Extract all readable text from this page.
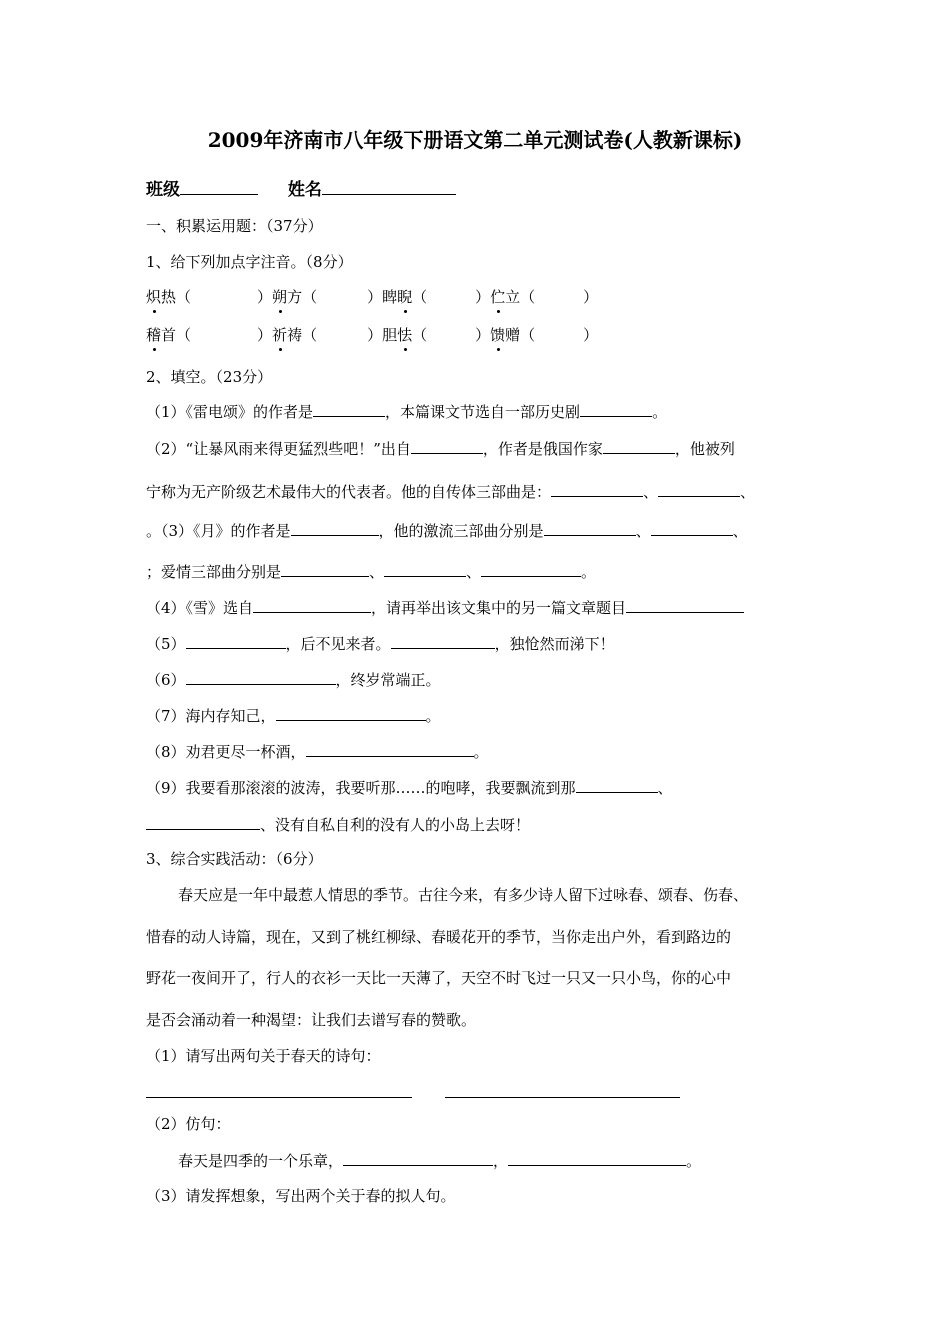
2009年济南市八年级下册语文第二单元测试卷(人教新课标)
班级	姓名
一、积累运用题：（37分）
1、给下列加点字注音。（8分）
炽热（	）朔方（	）睥睨（	）伫立（	）
稽首（	）祈祷（	）胆怯（	）馈赠（	）
2、填空。（23分）
（1）《雷电颂》的作者是	，本篇课文节选自一部历史剧	。
（2）“让暴风雨来得更猛烈些吧！”出自	，作者是俄国作家	，他被列
宁称为无产阶级艺术最伟大的代表者。他的自传体三部曲是：	、	、
。（3）《月》的作者是	，他的激流三部曲分别是	、	、
；爱情三部曲分别是	、	、	。
（4）《雪》选自	，请再举出该文集中的另一篇文章题目
（5）	，后不见来者。	，独怆然而涕下！
（6）	，终岁常端正。
（7）海内存知己，	。
（8）劝君更尽一杯酒，	。
（9）我要看那滚滚的波涛，我要听那……的咆哮，我要飘流到那	、
、没有自私自利的没有人的小岛上去呀！
3、综合实践活动：（6分）
春天应是一年中最惹人情思的季节。古往今来，有多少诗人留下过咏春、颂春、伤春、
惜春的动人诗篇，现在，又到了桃红柳绿、春暖花开的季节，当你走出户外，看到路边的
野花一夜间开了，行人的衣衫一天比一天薄了，天空不时飞过一只又一只小鸟，你的心中
是否会涌动着一种渴望：让我们去谱写春的赞歌。
（1）请写出两句关于春天的诗句：
（2）仿句：
春天是四季的一个乐章，	，	。
（3）请发挥想象，写出两个关于春的拟人句。
